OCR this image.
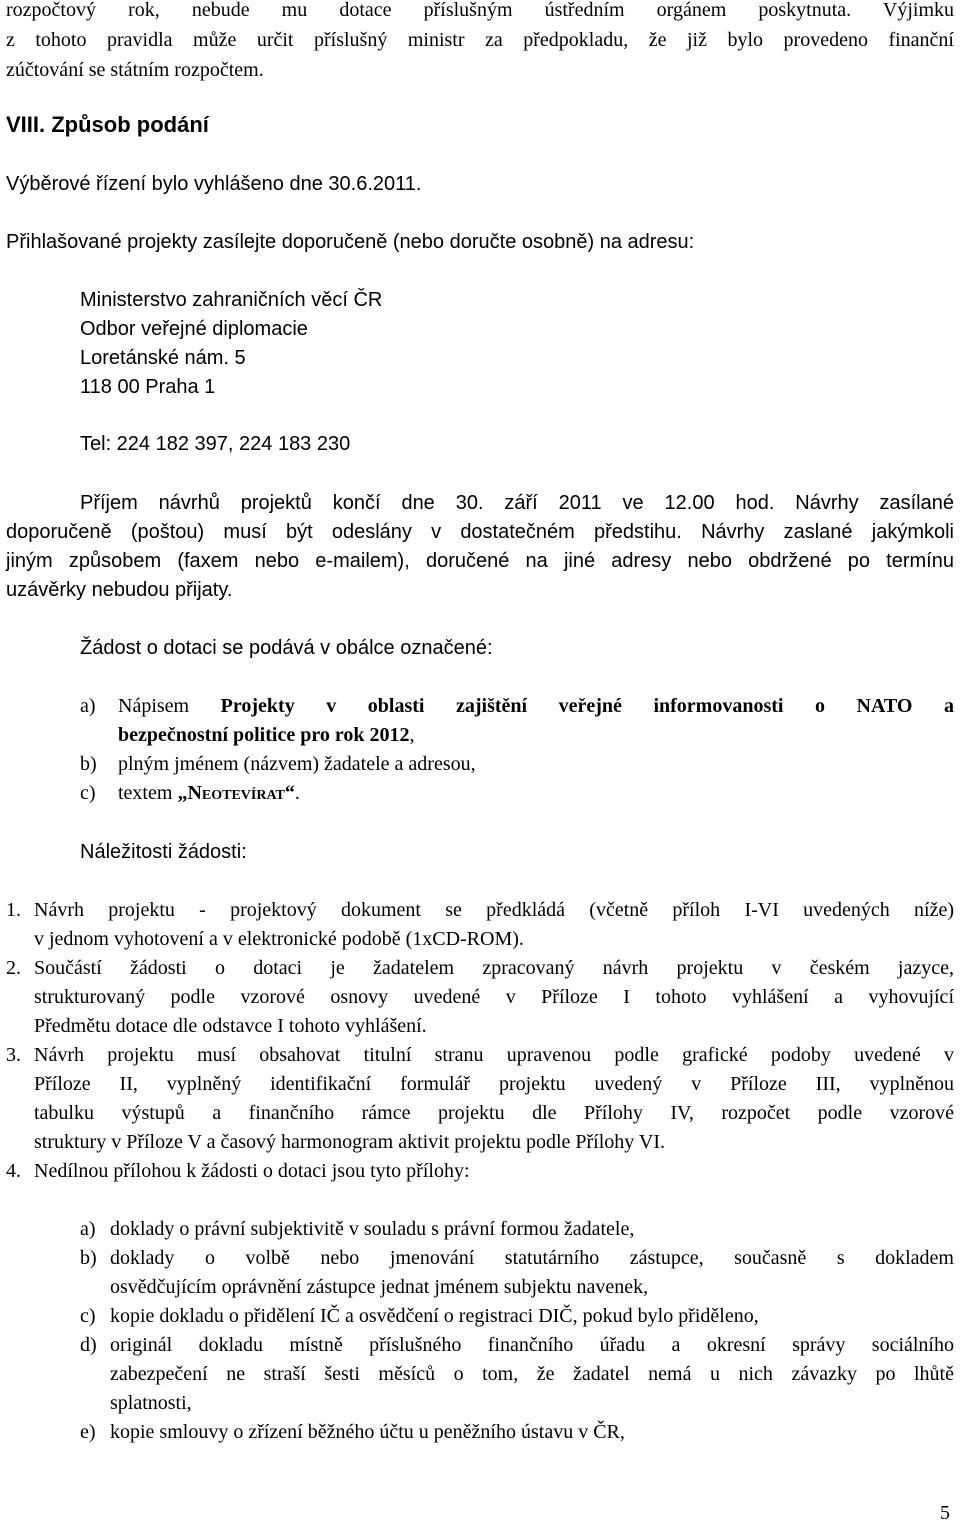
rozpočtový rok, nebude mu dotace příslušným ústředním orgánem poskytnuta. Výjimku
z tohoto pravidla může určit příslušný ministr za předpokladu, že již bylo provedeno finanční
zúčtování se státním rozpočtem.
VIII. Způsob podání
Výběrové řízení bylo vyhlášeno dne 30.6.2011.
Přihlašované projekty zasílejte doporučeně (nebo doručte osobně) na adresu:
Ministerstvo zahraničních věcí ČR
Odbor veřejné diplomacie
Loretánské nám. 5
118 00 Praha 1
Tel: 224 182 397, 224 183 230
Příjem návrhů projektů končí dne 30. září 2011 ve 12.00 hod. Návrhy zasílané
doporučeně (poštou) musí být odeslány v dostatečném předstihu. Návrhy zaslané jakýmkoli
jiným způsobem (faxem nebo e-mailem), doručené na jiné adresy nebo obdržené po termínu
uzávěrky nebudou přijaty.
Žádost o dotaci se podává v obálce označené:
a) Nápisem Projekty v oblasti zajištění veřejné informovanosti o NATO a
bezpečnostní politice pro rok 2012,
b) plným jménem (názvem) žadatele a adresou,
c) textem „Neotevírat“.
Náležitosti žádosti:
1. Návrh projektu - projektový dokument se předkládá (včetně příloh I-VI uvedených níže)
v jednom vyhotovení a v elektronické podobě (1xCD-ROM).
2. Součástí žádosti o dotaci je žadatelem zpracovaný návrh projektu v českém jazyce,
strukturovaný podle vzorové osnovy uvedené v Příloze I tohoto vyhlášení a vyhovující
Předmětu dotace dle odstavce I tohoto vyhlášení.
3. Návrh projektu musí obsahovat titulní stranu upravenou podle grafické podoby uvedené v
Příloze II, vyplněný identifikační formulář projektu uvedený v Příloze III, vyplněnou
tabulku výstupů a finančního rámce projektu dle Přílohy IV, rozpočet podle vzorové
struktury v Příloze V a časový harmonogram aktivit projektu podle Přílohy VI.
4. Nedílnou přílohou k žádosti o dotaci jsou tyto přílohy:
a) doklady o právní subjektivitě v souladu s právní formou žadatele,
b) doklady o volbě nebo jmenování statutárního zástupce, současně s dokladem
osvědčujícím oprávnění zástupce jednat jménem subjektu navenek,
c) kopie dokladu o přidělení IČ a osvědčení o registraci DIČ, pokud bylo přiděleno,
d) originál dokladu místně příslušného finančního úřadu a okresní správy sociálního
zabezpečení ne straší šesti měsíců o tom, že žadatel nemá u nich závazky po lhůtě
splatnosti,
e) kopie smlouvy o zřízení běžného účtu u peněžního ústavu v ČR,
5
